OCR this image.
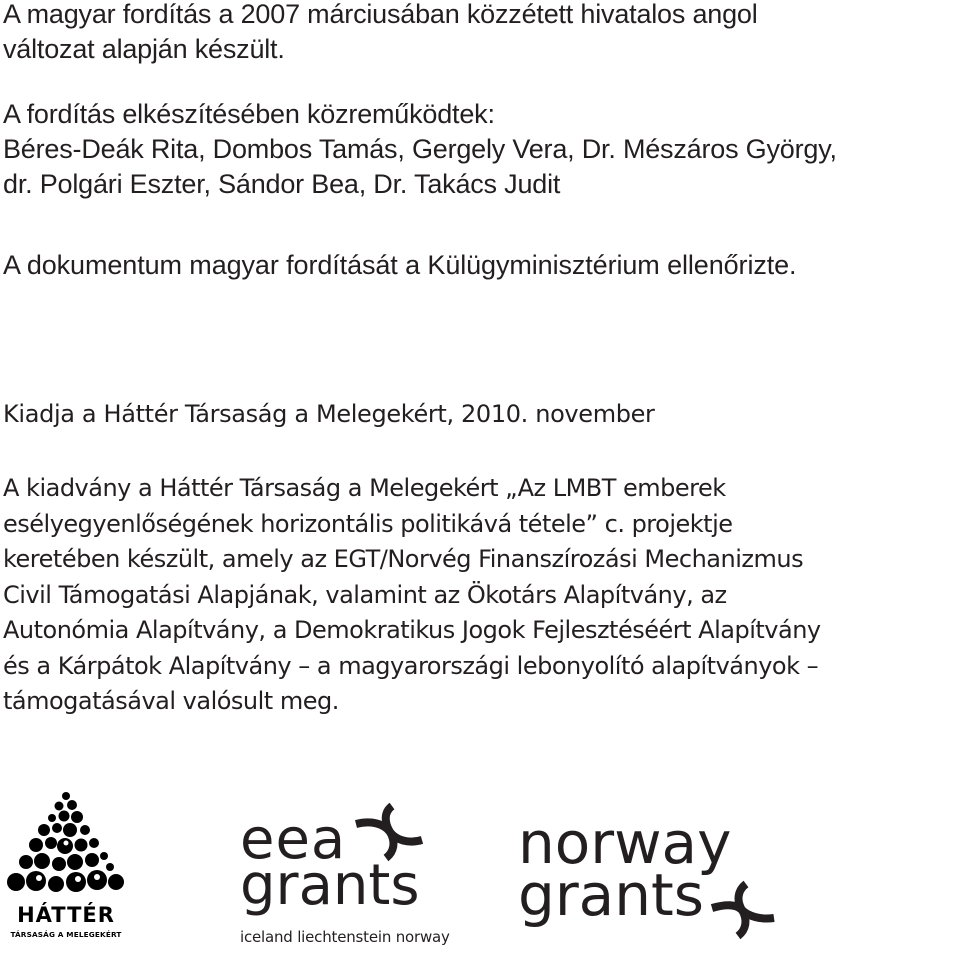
A magyar fordítás a 2007 márciusában közzétett hivatalos angol
változat alapján készült.
A fordítás elkészítésében közreműködtek:
Béres-Deák Rita, Dombos Tamás, Gergely Vera, Dr. Mészáros György,
dr. Polgári Eszter, Sándor Bea, Dr. Takács Judit
A dokumentum magyar fordítását a Külügyminisztérium ellenőrizte.
Kiadja a Háttér Társaság a Melegekért, 2010. november
A kiadvány a Háttér Társaság a Melegekért „Az LMBT emberek
esélyegyenlőségének horizontális politikává tétele” c. projektje
keretében készült, amely az EGT/Norvég Finanszírozási Mechanizmus
Civil Támogatási Alapjának, valamint az Ökotárs Alapítvány, az
Autonómia Alapítvány, a Demokratikus Jogok Fejlesztéséért Alapítvány
és a Kárpátok Alapítvány – a magyarországi lebonyolító alapítványok –
támogatásával valósult meg.
HÁTTÉR
TÁRSASÁG A MELEGEKÉRT
eea
grants
iceland liechtenstein norway
norway
grants
